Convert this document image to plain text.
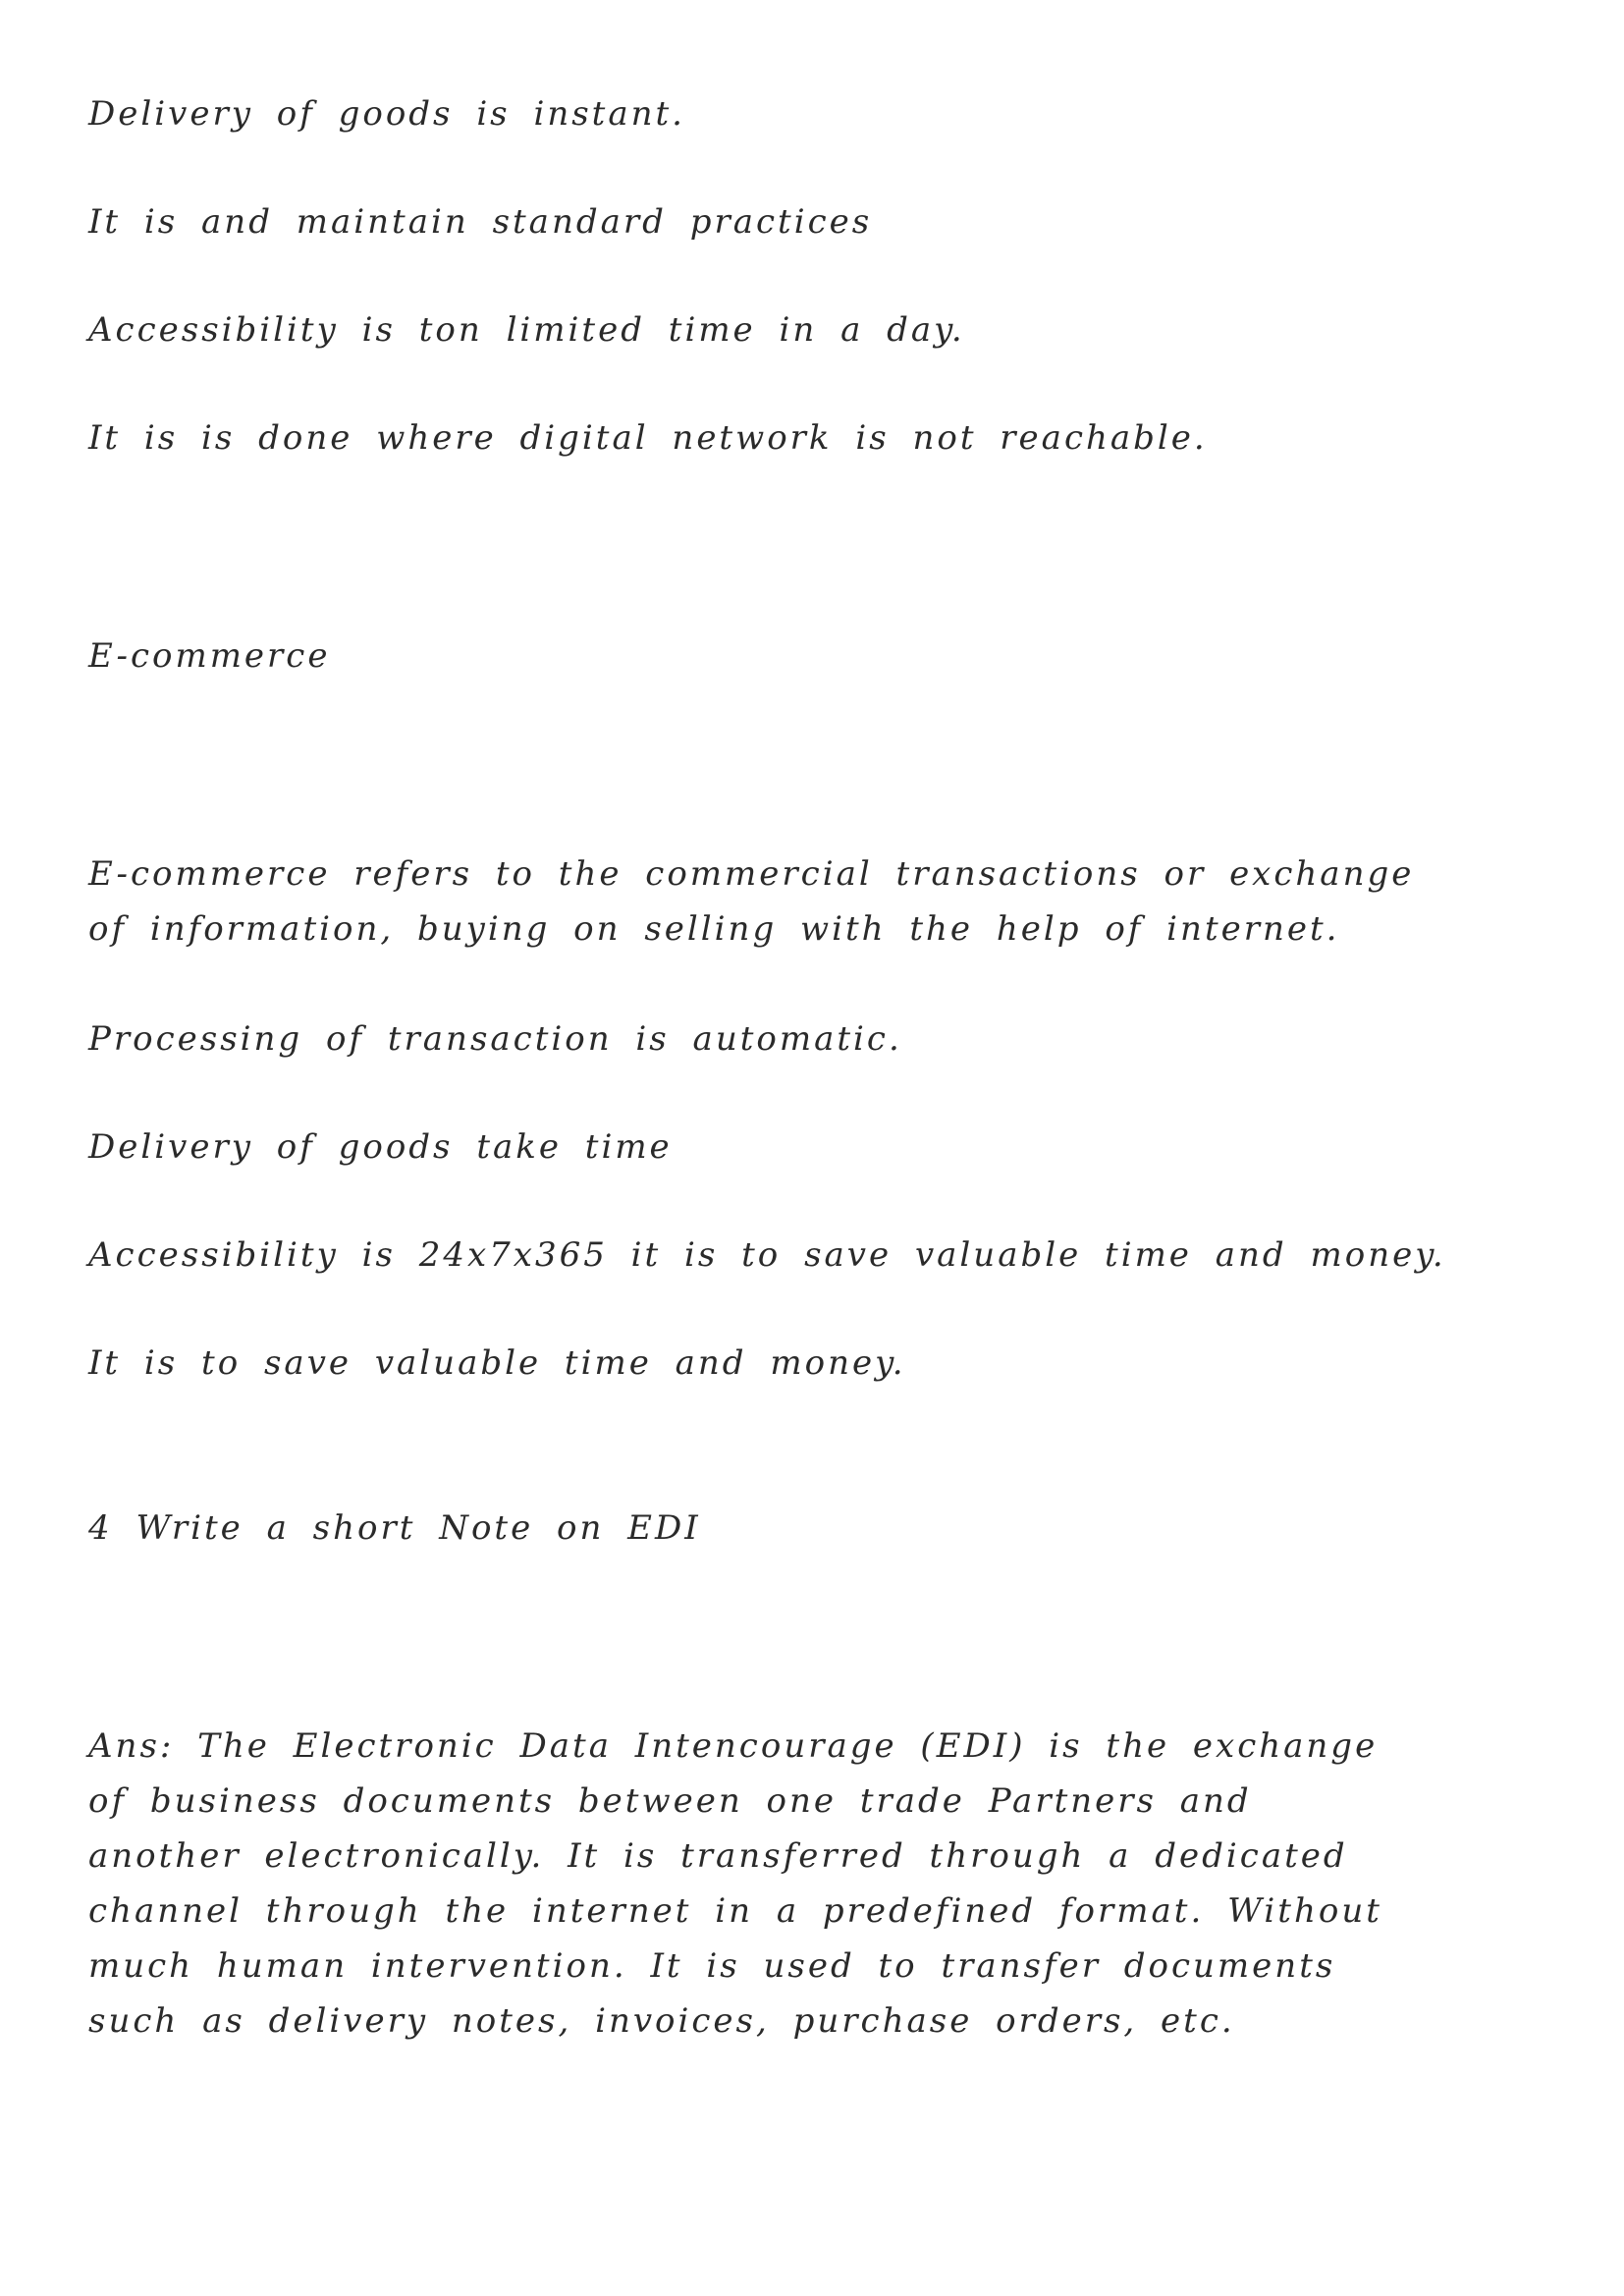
Delivery of goods is instant.

It is and maintain standard practices

Accessibility is ton limited time in a day.

It is is done where digital network is not reachable.

E-commerce

E-commerce refers to the commercial transactions or exchange of information, buying on selling with the help of internet.

Processing of transaction is automatic.

Delivery of goods take time

Accessibility is 24x7x365 it is to save valuable time and money.

It is to save valuable time and money.

4 Write a short Note on EDI

Ans: The Electronic Data Intencourage (EDI) is the exchange of business documents between one trade Partners and another electronically. It is transferred through a dedicated channel through the internet in a predefined format. Without much human intervention. It is used to transfer documents such as delivery notes, invoices, purchase orders, etc.
